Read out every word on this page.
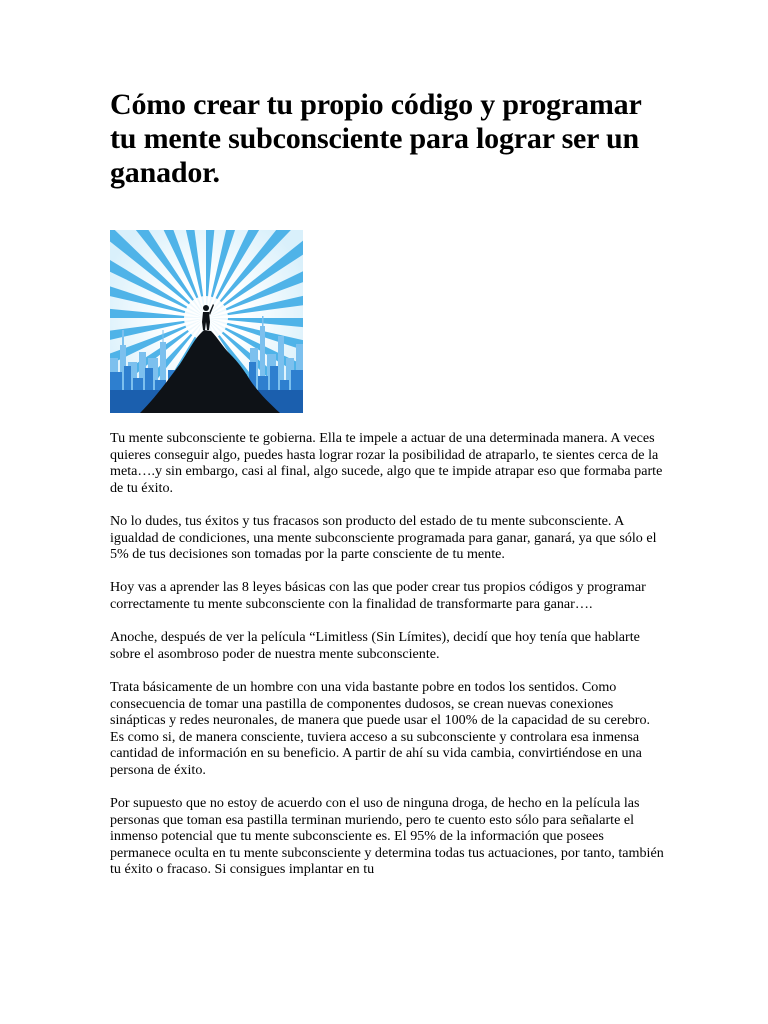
Cómo crear tu propio código y programar tu mente subconsciente para lograr ser un ganador.

Tu mente subconsciente te gobierna. Ella te impele a actuar de una determinada manera. A veces quieres conseguir algo, puedes hasta lograr rozar la posibilidad de atraparlo, te sientes cerca de la meta….y sin embargo, casi al final, algo sucede, algo que te impide atrapar eso que formaba parte de tu éxito.

No lo dudes, tus éxitos y tus fracasos son producto del estado de tu mente subconsciente. A igualdad de condiciones, una mente subconsciente programada para ganar, ganará, ya que sólo el 5% de tus decisiones son tomadas por la parte consciente de tu mente.

Hoy vas a aprender las 8 leyes básicas con las que poder crear tus propios códigos y programar correctamente tu mente subconsciente con la finalidad de transformarte para ganar….

Anoche, después de ver la película “Limitless (Sin Límites), decidí que hoy tenía que hablarte sobre el asombroso poder de nuestra mente subconsciente.

Trata básicamente de un hombre con una vida bastante pobre en todos los sentidos. Como consecuencia de tomar una pastilla de componentes dudosos, se crean nuevas conexiones sinápticas y redes neuronales, de manera que puede usar el 100% de la capacidad de su cerebro. Es como si, de manera consciente, tuviera acceso a su subconsciente y controlara esa inmensa cantidad de información en su beneficio. A partir de ahí su vida cambia, convirtiéndose en una persona de éxito.

Por supuesto que no estoy de acuerdo con el uso de ninguna droga, de hecho en la película las personas que toman esa pastilla terminan muriendo, pero te cuento esto sólo para señalarte el inmenso potencial que tu mente subconsciente es. El 95% de la información que posees permanece oculta en tu mente subconsciente y determina todas tus actuaciones, por tanto, también tu éxito o fracaso. Si consigues implantar en tu
